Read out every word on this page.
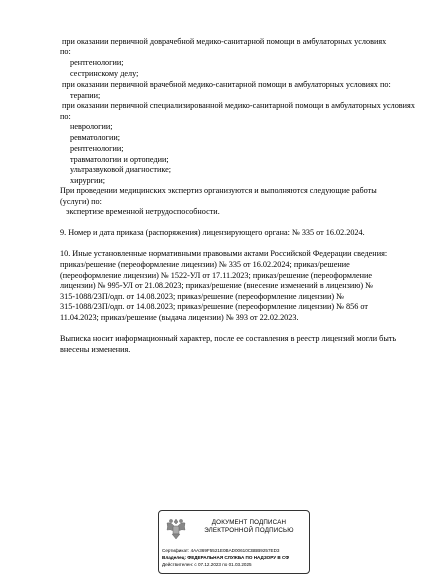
при оказании первичной доврачебной медико-санитарной помощи в амбулаторных условиях
по:
рентгенологии;
сестринскому делу;
при оказании первичной врачебной медико-санитарной помощи в амбулаторных условиях по:
терапии;
при оказании первичной специализированной медико-санитарной помощи в амбулаторных условиях
по:
неврологии;
ревматологии;
рентгенологии;
травматологии и ортопедии;
ультразвуковой диагностике;
хирургии;
При проведении медицинских экспертиз организуются и выполняются следующие работы
(услуги) по:
экспертизе временной нетрудоспособности.
9. Номер и дата приказа (распоряжения) лицензирующего органа: № 335 от 16.02.2024.
10. Иные установленные нормативными правовыми актами Российской Федерации сведения:
приказ/решение (переоформление лицензии) № 335 от 16.02.2024; приказ/решение
(переоформление лицензии) № 1522-УЛ от 17.11.2023; приказ/решение (переоформление
лицензии) № 995-УЛ от 21.08.2023; приказ/решение (внесение изменений в лицензию) №
315-1088/23П/одп. от 14.08.2023; приказ/решение (переоформление лицензии) №
315-1088/23П/одп. от 14.08.2023; приказ/решение (переоформление лицензии) № 856 от
11.04.2023; приказ/решение (выдача лицензии) № 393 от 22.02.2023.
Выписка носит информационный характер, после ее составления в реестр лицензий могли быть
внесены изменения.
ДОКУМЕНТ ПОДПИСАН
ЭЛЕКТРОННОЙ ПОДПИСЬЮ
Сертификат: 4AA369F5521E0BAD00610CBBB9257ED3
Владелец: ФЕДЕРАЛЬНАЯ СЛУЖБА ПО НАДЗОРУ В СФ
Действителен: с 07.12.2023 по 01.03.2025
